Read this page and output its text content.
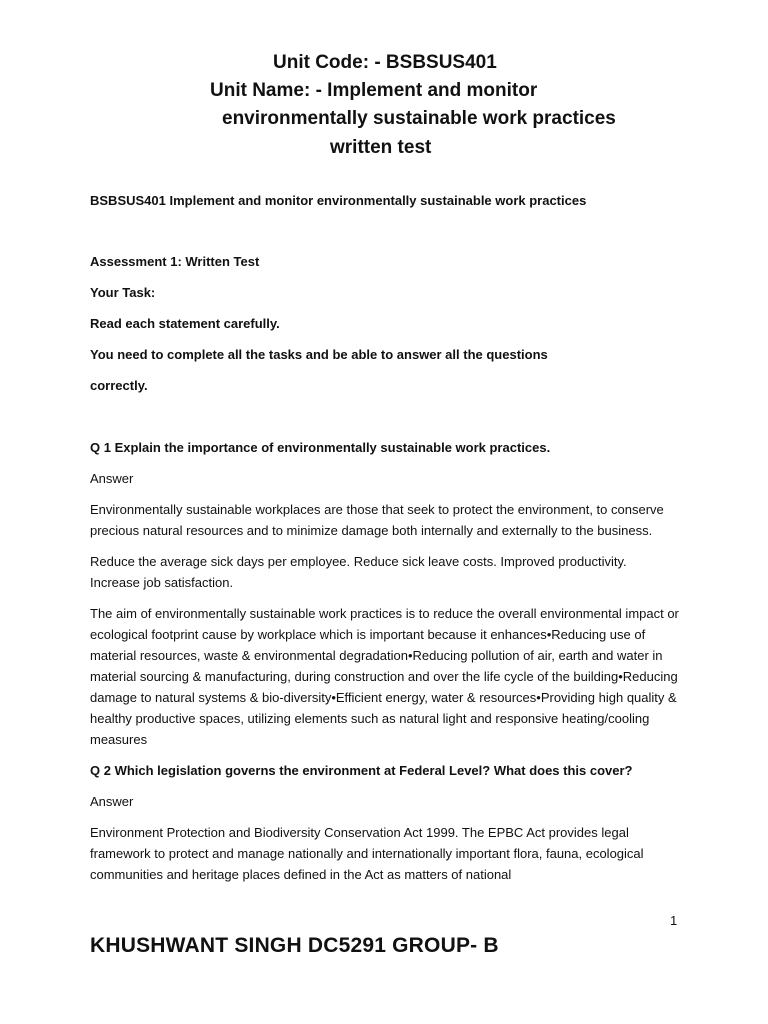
Unit Code: - BSBSUS401
Unit Name: - Implement and monitor
environmentally sustainable work practices
written test
BSBSUS401 Implement and monitor environmentally sustainable work practices
Assessment 1: Written Test
Your Task:
Read each statement carefully.
You need to complete all the tasks and be able to answer all the questions
correctly.
Q 1 Explain the importance of environmentally sustainable work practices.
Answer
Environmentally sustainable workplaces are those that seek to protect the environment, to conserve precious natural resources and to minimize damage both internally and externally to the business.
Reduce the average sick days per employee. Reduce sick leave costs. Improved productivity. Increase job satisfaction.
The aim of environmentally sustainable work practices is to reduce the overall environmental impact or ecological footprint cause by workplace which is important because it enhances•Reducing use of material resources, waste & environmental degradation•Reducing pollution of air, earth and water in material sourcing & manufacturing, during construction and over the life cycle of the building•Reducing damage to natural systems & bio-diversity•Efficient energy, water & resources•Providing high quality & healthy productive spaces, utilizing elements such as natural light and responsive heating/cooling measures
Q 2 Which legislation governs the environment at Federal Level? What does this cover?
Answer
Environment Protection and Biodiversity Conservation Act 1999. The EPBC Act provides legal framework to protect and manage nationally and internationally important flora, fauna, ecological communities and heritage places defined in the Act as matters of national
1
KHUSHWANT SINGH DC5291 GROUP- B
